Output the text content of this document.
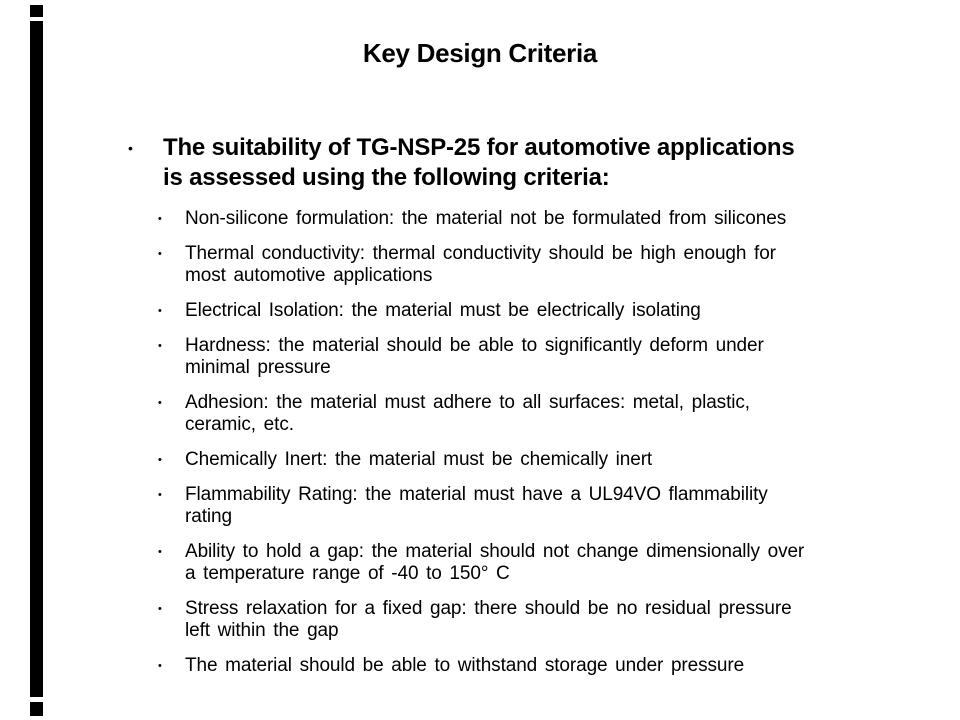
Key Design Criteria
•	The suitability of TG-NSP-25 for automotive applications
is assessed using the following criteria:
•	Non-silicone formulation: the material not be formulated from silicones
•	Thermal conductivity: thermal conductivity should be high enough for
most automotive applications
•	Electrical Isolation: the material must be electrically isolating
•	Hardness: the material should be able to significantly deform under
minimal pressure
•	Adhesion: the material must adhere to all surfaces: metal, plastic,
ceramic, etc.
•	Chemically Inert: the material must be chemically inert
•	Flammability Rating: the material must have a UL94VO flammability
rating
•	Ability to hold a gap: the material should not change dimensionally over
a temperature range of -40 to 150° C
•	Stress relaxation for a fixed gap: there should be no residual pressure
left within the gap
•	The material should be able to withstand storage under pressure
